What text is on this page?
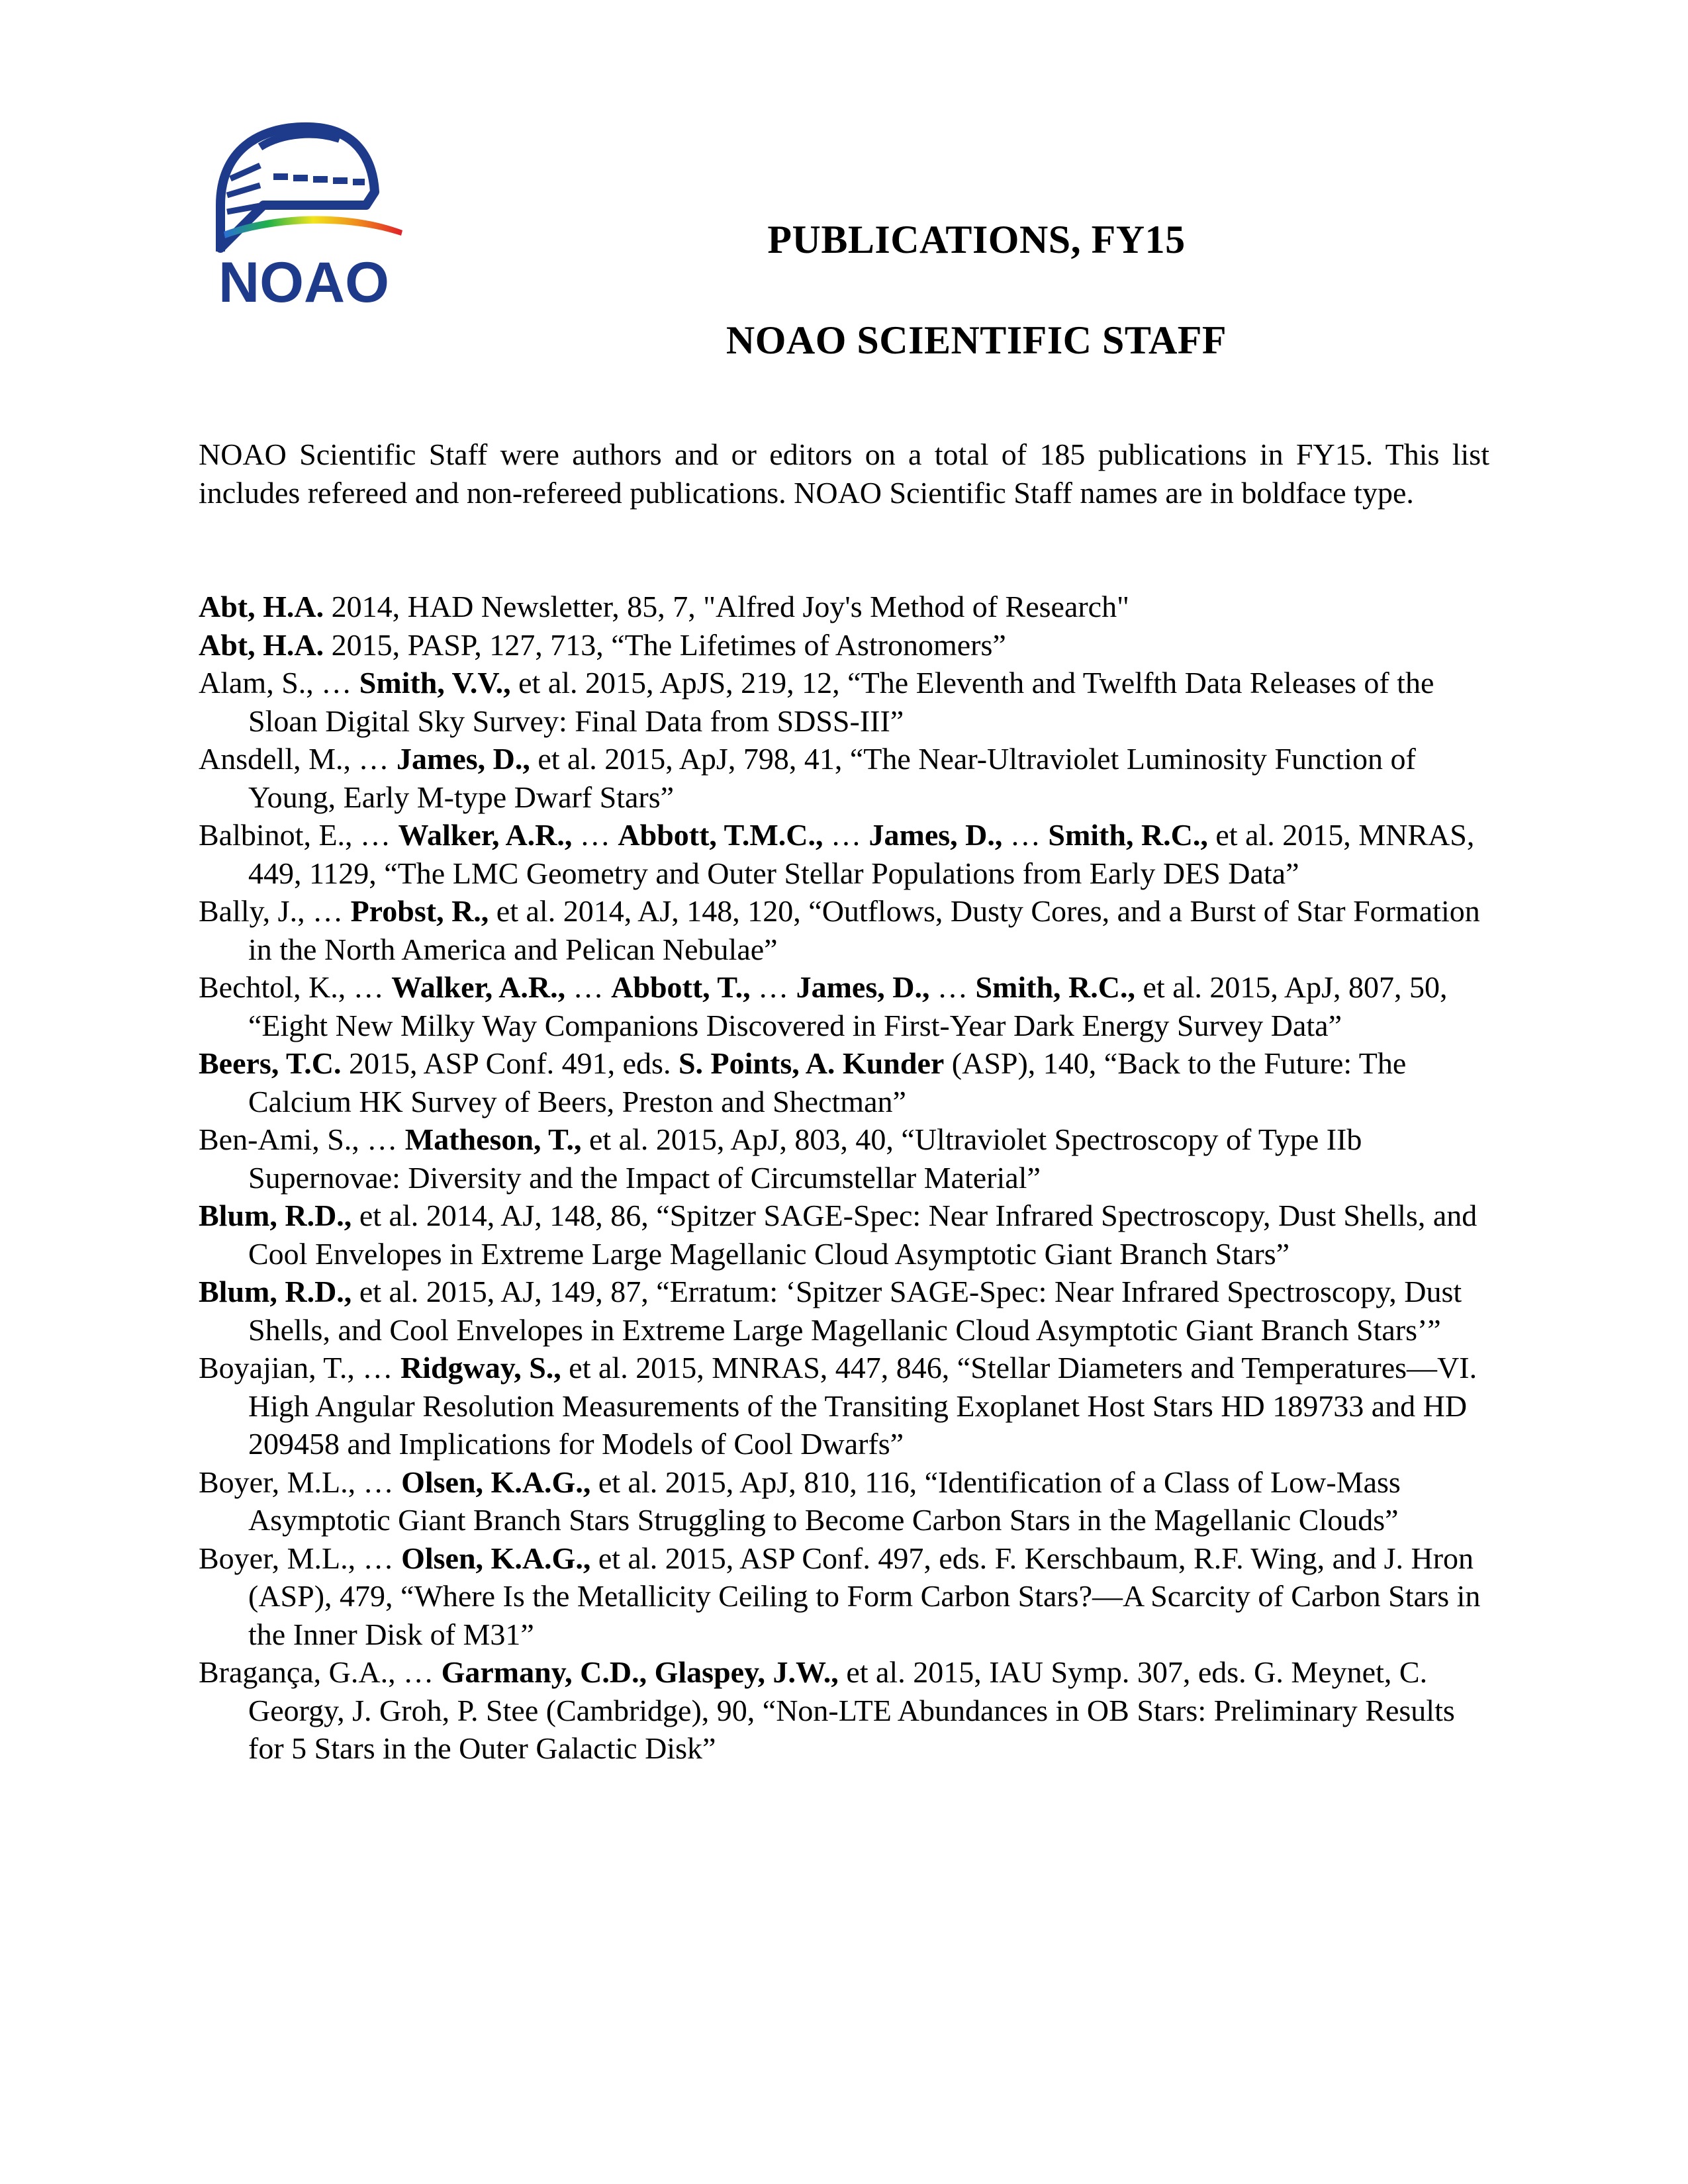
NOAO
PUBLICATIONS, FY15
NOAO SCIENTIFIC STAFF

NOAO Scientific Staff were authors and or editors on a total of 185 publications in FY15. This list includes refereed and non-refereed publications. NOAO Scientific Staff names are in boldface type.

Abt, H.A. 2014, HAD Newsletter, 85, 7, "Alfred Joy's Method of Research"

Abt, H.A. 2015, PASP, 127, 713, “The Lifetimes of Astronomers”

Alam, S., … Smith, V.V., et al. 2015, ApJS, 219, 12, “The Eleventh and Twelfth Data Releases of the Sloan Digital Sky Survey: Final Data from SDSS-III”

Ansdell, M., … James, D., et al. 2015, ApJ, 798, 41, “The Near-Ultraviolet Luminosity Function of Young, Early M-type Dwarf Stars”

Balbinot, E., … Walker, A.R., … Abbott, T.M.C., … James, D., … Smith, R.C., et al. 2015, MNRAS, 449, 1129, “The LMC Geometry and Outer Stellar Populations from Early DES Data”

Bally, J., … Probst, R., et al. 2014, AJ, 148, 120, “Outflows, Dusty Cores, and a Burst of Star Formation in the North America and Pelican Nebulae”

Bechtol, K., … Walker, A.R., … Abbott, T., … James, D., … Smith, R.C., et al. 2015, ApJ, 807, 50, “Eight New Milky Way Companions Discovered in First-Year Dark Energy Survey Data”

Beers, T.C. 2015, ASP Conf. 491, eds. S. Points, A. Kunder (ASP), 140, “Back to the Future: The Calcium HK Survey of Beers, Preston and Shectman”

Ben-Ami, S., … Matheson, T., et al. 2015, ApJ, 803, 40, “Ultraviolet Spectroscopy of Type IIb Supernovae: Diversity and the Impact of Circumstellar Material”

Blum, R.D., et al. 2014, AJ, 148, 86, “Spitzer SAGE-Spec: Near Infrared Spectroscopy, Dust Shells, and Cool Envelopes in Extreme Large Magellanic Cloud Asymptotic Giant Branch Stars”

Blum, R.D., et al. 2015, AJ, 149, 87, “Erratum: ‘Spitzer SAGE-Spec: Near Infrared Spectroscopy, Dust Shells, and Cool Envelopes in Extreme Large Magellanic Cloud Asymptotic Giant Branch Stars’”

Boyajian, T., … Ridgway, S., et al. 2015, MNRAS, 447, 846, “Stellar Diameters and Temperatures—VI. High Angular Resolution Measurements of the Transiting Exoplanet Host Stars HD 189733 and HD 209458 and Implications for Models of Cool Dwarfs”

Boyer, M.L., … Olsen, K.A.G., et al. 2015, ApJ, 810, 116, “Identification of a Class of Low-Mass Asymptotic Giant Branch Stars Struggling to Become Carbon Stars in the Magellanic Clouds”

Boyer, M.L., … Olsen, K.A.G., et al. 2015, ASP Conf. 497, eds. F. Kerschbaum, R.F. Wing, and J. Hron (ASP), 479, “Where Is the Metallicity Ceiling to Form Carbon Stars?—A Scarcity of Carbon Stars in the Inner Disk of M31”

Bragança, G.A., … Garmany, C.D., Glaspey, J.W., et al. 2015, IAU Symp. 307, eds. G. Meynet, C. Georgy, J. Groh, P. Stee (Cambridge), 90, “Non-LTE Abundances in OB Stars: Preliminary Results for 5 Stars in the Outer Galactic Disk”
